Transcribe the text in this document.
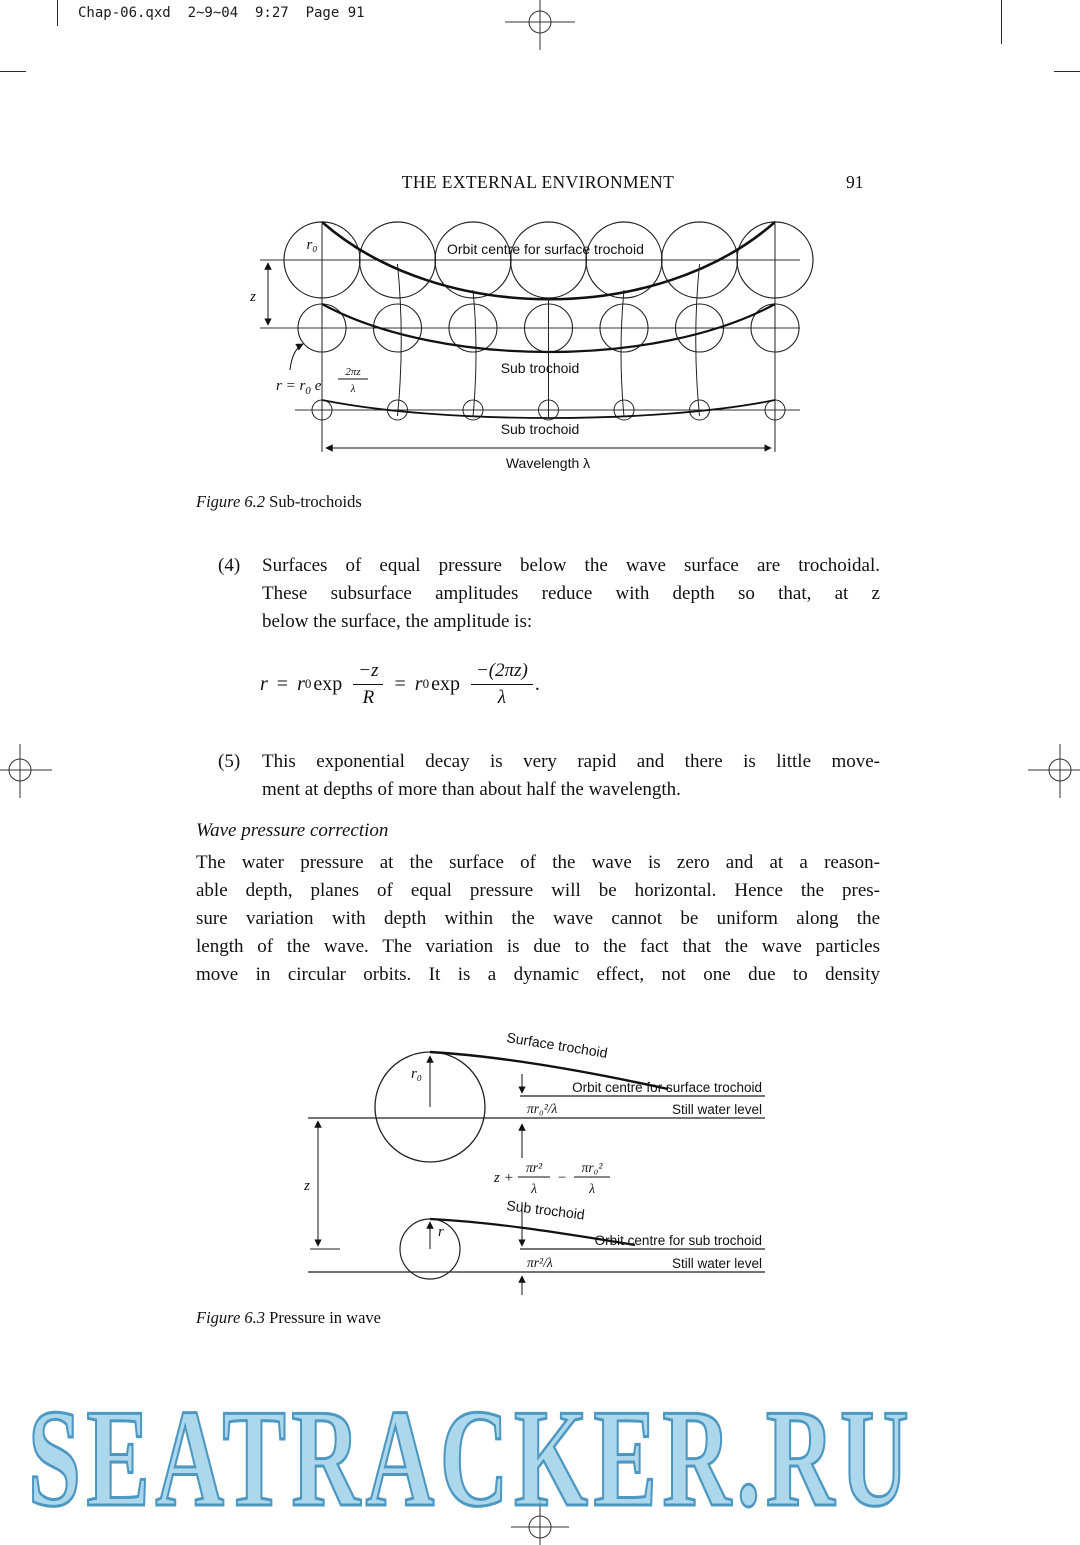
Chap-06.qxd  2~9~04  9:27  Page 91
THE EXTERNAL ENVIRONMENT	91
z
r₀	Orbit centre for surface trochoid
$r = r_0$ e
2πz
λ
Sub trochoid
Sub trochoid
Wavelength λ
Figure 6.2 Sub-trochoids
(4)	Surfaces of equal pressure below the wave surface are trochoidal.
These subsurface amplitudes reduce with depth so that, at z
below the surface, the amplitude is:
r = r 0 $\exp \frac{-z}{R} = r$ 0 $\exp \frac{-(2\pi z)}{\lambda}$ .
(5)	This exponential decay is very rapid and there is little move-
ment at depths of more than about half the wavelength.
Wave pressure correction
The water pressure at the surface of the wave is zero and at a reason-
able depth, planes of equal pressure will be horizontal. Hence the pres-
sure variation with depth within the wave cannot be uniform along the
length of the wave. The variation is due to the fact that the wave particles
move in circular orbits. It is a dynamic effect, not one due to density
Surface trochoid
Sub trochoid
r₀
r
Orbit centre for surface trochoid
Still water level
Orbit centre for sub trochoid
Still water level
z
πr₀²/λ
πr²/λ
z +
πr²
λ
−
πr₀²
λ
Figure 6.3 Pressure in wave
SEATRACKER.RU
